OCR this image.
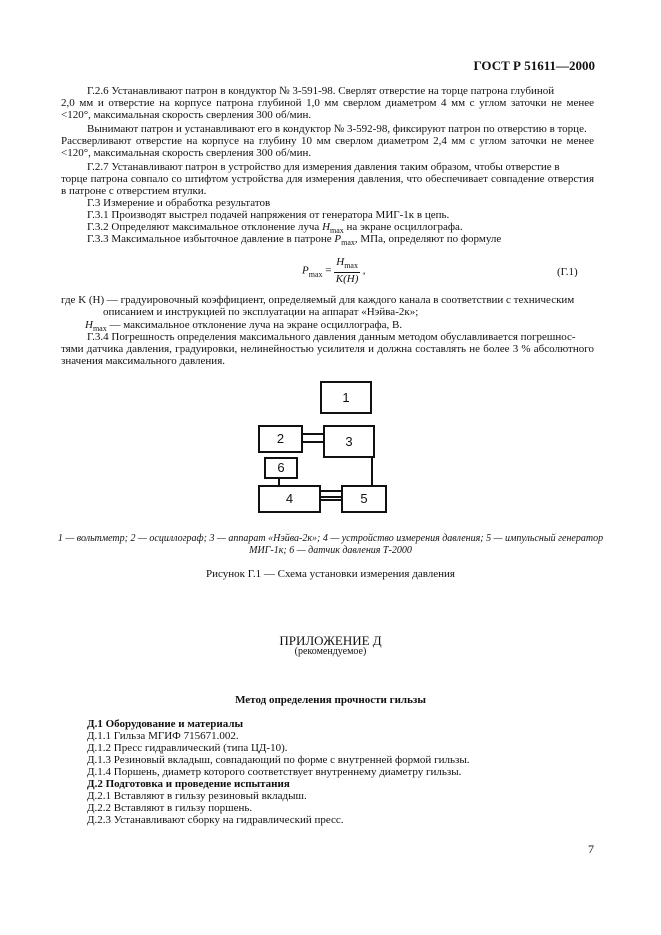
ГОСТ Р 51611—2000
Г.2.6 Устанавливают патрон в кондуктор № 3-591-98. Сверлят отверстие на торце патрона глубиной
2,0 мм и отверстие на корпусе патрона глубиной 1,0 мм сверлом диаметром 4 мм с углом заточки не менее
<120°, максимальная скорость сверления 300 об/мин.
Вынимают патрон и устанавливают его в кондуктор № 3-592-98, фиксируют патрон по отверстию в торце.
Рассверливают отверстие на корпусе на глубину 10 мм сверлом диаметром 2,4 мм с углом заточки не менее
<120°, максимальная скорость сверления 300 об/мин.
Г.2.7 Устанавливают патрон в устройство для измерения давления таким образом, чтобы отверстие в
торце патрона совпало со штифтом устройства для измерения давления, что обеспечивает совпадение отверстия
в патроне с отверстием втулки.
Г.3 Измерение и обработка результатов
Г.3.1 Производят выстрел подачей напряжения от генератора МИГ-1к в цепь.
Г.3.2 Определяют максимальное отклонение луча $H_{max}$ на экране осциллографа.
Г.3.3 Максимальное избыточное давление в патроне $P_{max}$, МПа, определяют по формуле
$P_{max} = \frac{H_{max}}{K(H)}$ ,	(Г.1)
где K (H) — градуировочный коэффициент, определяемый для каждого канала в соответствии с техническим
описанием и инструкцией по эксплуатации на аппарат «Нэйва-2к»;
$H_{max}$ — максимальное отклонение луча на экране осциллографа, В.
Г.3.4 Погрешность определения максимального давления данным методом обуславливается погрешнос-
тями датчика давления, градуировки, нелинейностью усилителя и должна составлять не более 3 % абсолютного
значения максимального давления.
1
2	3
6
4	5
1 — вольтметр; 2 — осциллограф; 3 — аппарат «Нэйва-2к»; 4 — устройство измерения давления; 5 — импульсный генератор
МИГ-1к; 6 — датчик давления Т-2000
Рисунок Г.1 — Схема установки измерения давления
ПРИЛОЖЕНИЕ Д
(рекомендуемое)
Метод определения прочности гильзы
Д.1 Оборудование и материалы
Д.1.1 Гильза МГИФ 715671.002.
Д.1.2 Пресс гидравлический (типа ЦД-10).
Д.1.3 Резиновый вкладыш, совпадающий по форме с внутренней формой гильзы.
Д.1.4 Поршень, диаметр которого соответствует внутреннему диаметру гильзы.
Д.2 Подготовка и проведение испытания
Д.2.1 Вставляют в гильзу резиновый вкладыш.
Д.2.2 Вставляют в гильзу поршень.
Д.2.3 Устанавливают сборку на гидравлический пресс.
7
